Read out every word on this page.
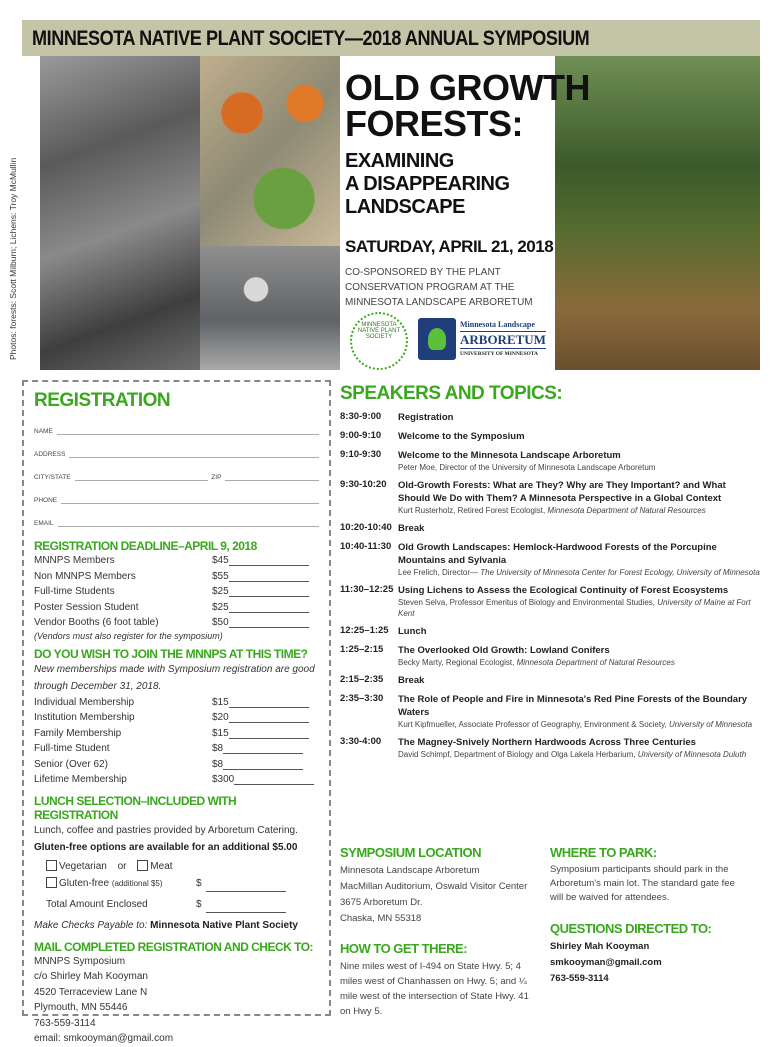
MINNESOTA NATIVE PLANT SOCIETY—2018 ANNUAL SYMPOSIUM
Photos: forests: Scott Milburn; Lichens: Troy McMullin
OLD GROWTH
FORESTS:
EXAMINING
A DISAPPEARING
LANDSCAPE
SATURDAY, APRIL 21, 2018
CO-SPONSORED BY THE PLANT CONSERVATION PROGRAM AT THE MINNESOTA LANDSCAPE ARBORETUM
MINNESOTA NATIVE PLANT SOCIETY
Minnesota Landscape
ARBORETUM
UNIVERSITY OF MINNESOTA
REGISTRATION
NAME
ADDRESS
CITY/STATE	ZIP
PHONE
EMAIL
REGISTRATION DEADLINE–APRIL 9, 2018
MNNPS Members	$45
Non MNNPS Members	$55
Full-time Students	$25
Poster Session Student	$25
Vendor Booths (6 foot table)	$50
(Vendors must also register for the symposium)
DO YOU WISH TO JOIN THE MNNPS AT THIS TIME?
New memberships made with Symposium registration are good through December 31, 2018.
Individual Membership	$15
Institution Membership	$20
Family Membership	$15
Full-time Student	$8
Senior (Over 62)	$8
Lifetime Membership	$300
LUNCH SELECTION–INCLUDED WITH REGISTRATION
Lunch, coffee and pastries provided by Arboretum Catering.
Gluten-free options are available for an additional $5.00
Vegetarian or Meat
Gluten-free (additional $5)	$
Total Amount Enclosed	$
Make Checks Payable to: Minnesota Native Plant Society
MAIL COMPLETED REGISTRATION AND CHECK TO:
MNNPS Symposium
c/o Shirley Mah Kooyman
4520 Terraceview Lane N
Plymouth, MN 55446
763-559-3114
email: smkooyman@gmail.com
SPEAKERS AND TOPICS:
8:30-9:00	Registration
9:00-9:10	Welcome to the Symposium
9:10-9:30	Welcome to the Minnesota Landscape Arboretum
Peter Moe, Director of the University of Minnesota Landscape Arboretum
9:30-10:20	Old-Growth Forests: What are They? Why are They Important? and What Should We Do with Them? A Minnesota Perspective in a Global Context
Kurt Rusterholz, Retired Forest Ecologist, Minnesota Department of Natural Resources
10:20-10:40 Break
10:40-11:30 Old Growth Landscapes: Hemlock-Hardwood Forests of the Porcupine Mountains and Sylvania
Lee Frelich, Director— The University of Minnesota Center for Forest Ecology, University of Minnesota
11:30–12:25 Using Lichens to Assess the Ecological Continuity of Forest Ecosystems
Steven Selva, Professor Emeritus of Biology and Environmental Studies, University of Maine at Fort Kent
12:25–1:25 Lunch
1:25–2:15	The Overlooked Old Growth: Lowland Conifers
Becky Marty, Regional Ecologist, Minnesota Department of Natural Resources
2:15–2:35	Break
2:35–3:30	The Role of People and Fire in Minnesota's Red Pine Forests of the Boundary Waters
Kurt Kipfmueller, Associate Professor of Geography, Environment & Society, University of Minnesota
3:30-4:00	The Magney-Snively Northern Hardwoods Across Three Centuries
David Schimpf, Department of Biology and Olga Lakela Herbarium, University of Minnesota Duluth
SYMPOSIUM LOCATION
Minnesota Landscape Arboretum
MacMillan Auditorium, Oswald Visitor Center
3675 Arboretum Dr.
Chaska, MN 55318
HOW TO GET THERE:
Nine miles west of I-494 on State Hwy. 5; 4 miles west of Chanhassen on Hwy. 5; and ¼ mile west of the intersection of State Hwy. 41 on Hwy 5.
WHERE TO PARK:
Symposium participants should park in the Arboretum's main lot. The standard gate fee will be waived for attendees.
QUESTIONS DIRECTED TO:
Shirley Mah Kooyman
smkooyman@gmail.com
763-559-3114
